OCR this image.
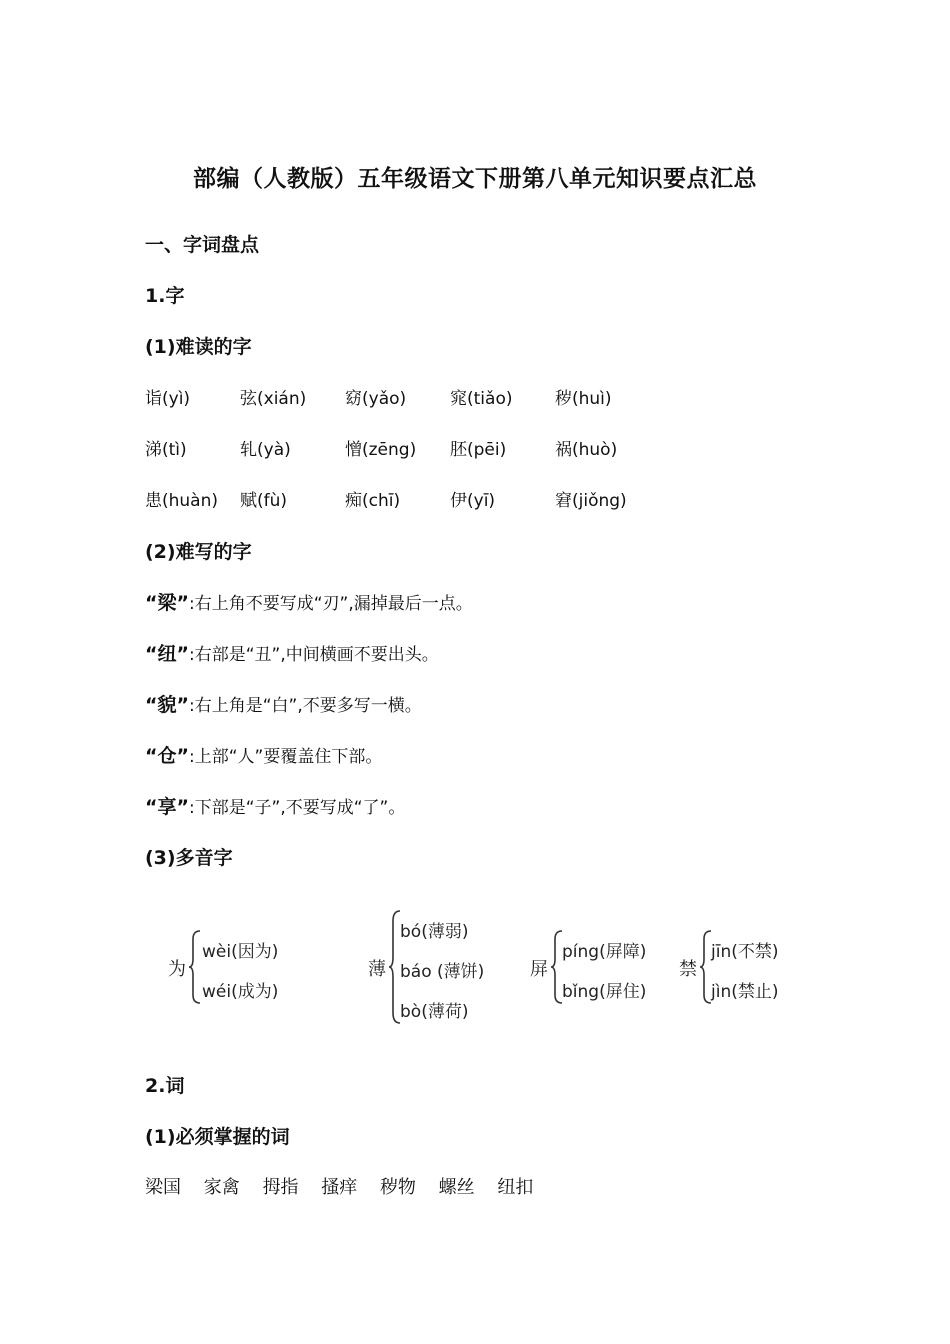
部编（人教版）五年级语文下册第八单元知识要点汇总
一、字词盘点
1.字
(1)难读的字
诣(yì)	弦(xián) 窈(yǎo)	窕(tiǎo)	秽(huì)
涕(tì)	轧(yà)	憎(zēng) 胚(pēi)	祸(huò)
患(huàn) 赋(fù)	痴(chī)	伊(yī)	窘(jiǒng)
(2)难写的字
“梁”:右上角不要写成“刃”,漏掉最后一点。
“纽”:右部是“丑”,中间横画不要出头。
“貌”:右上角是“白”,不要多写一横。
“仓”:上部“人”要覆盖住下部。
“享”:下部是“子”,不要写成“了”。
(3)多音字
为
wèi(因为)
wéi(成为)
薄
bó(薄弱)
báo (薄饼)
bò(薄荷)
屏
píng(屏障)
bǐng(屏住)
禁
jīn(不禁)
jìn(禁止)
2.词
(1)必须掌握的词
梁国 家禽 拇指 搔痒 秽物 螺丝 纽扣
